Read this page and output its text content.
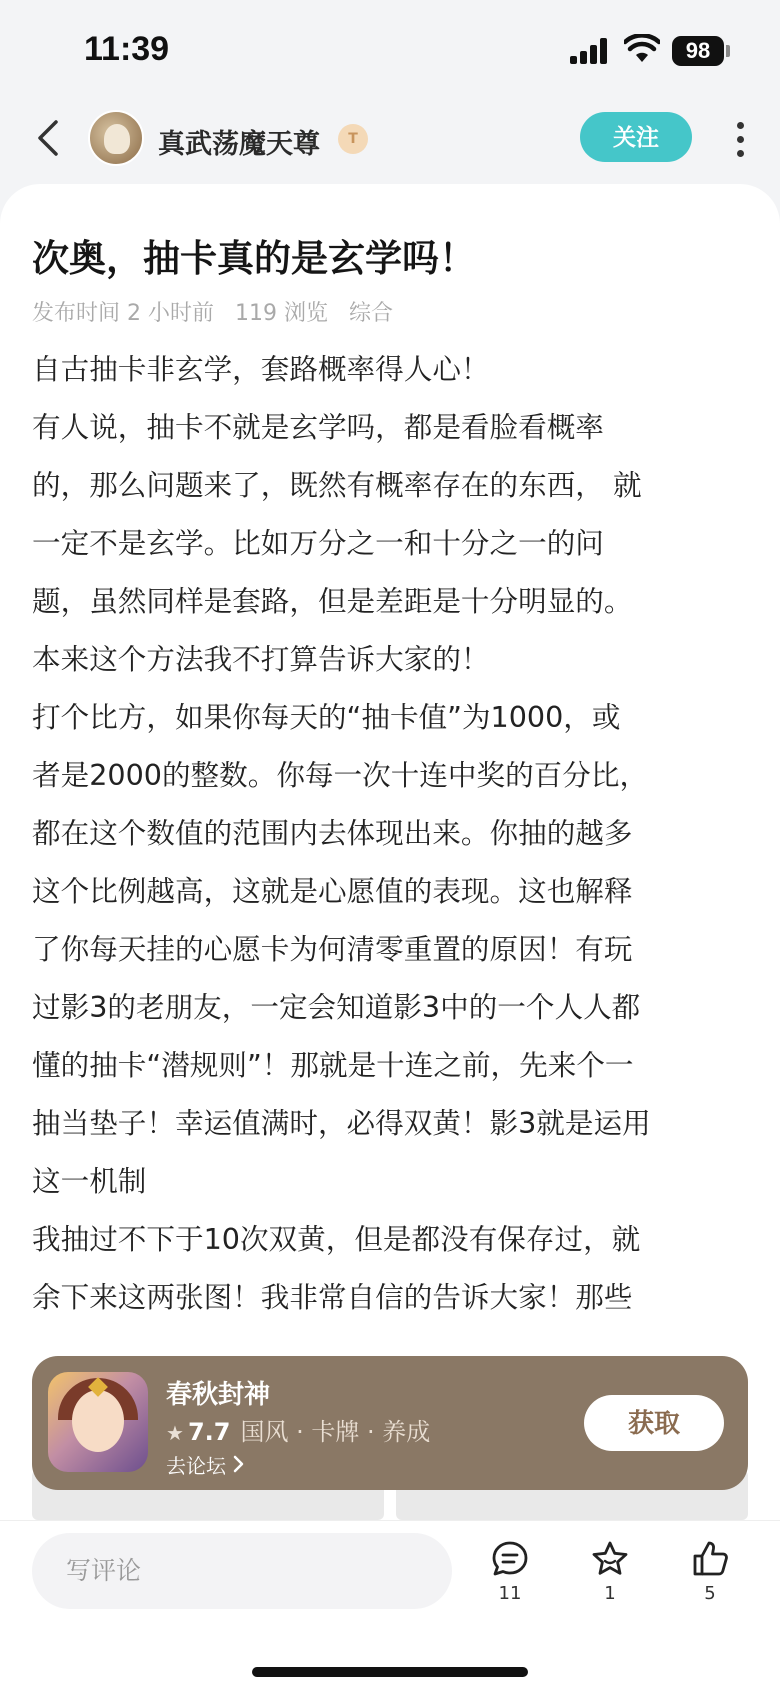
11:39	98
真武荡魔天尊	T	关注
次奥，抽卡真的是玄学吗！
发布时间 2 小时前 119 浏览 综合

自古抽卡非玄学，套路概率得人心！

有人说，抽卡不就是玄学吗，都是看脸看概率

的，那么问题来了，既然有概率存在的东西， 就

一定不是玄学。比如万分之一和十分之一的问

题，虽然同样是套路，但是差距是十分明显的。

本来这个方法我不打算告诉大家的！

打个比方，如果你每天的“抽卡值”为1000，或

者是2000的整数。你每一次十连中奖的百分比，

都在这个数值的范围内去体现出来。你抽的越多

这个比例越高，这就是心愿值的表现。这也解释

了你每天挂的心愿卡为何清零重置的原因！有玩

过影3的老朋友，一定会知道影3中的一个人人都

懂的抽卡“潜规则”！那就是十连之前，先来个一

抽当垫子！幸运值满时，必得双黄！影3就是运用

这一机制

我抽过不下于10次双黄，但是都没有保存过，就

余下来这两张图！我非常自信的告诉大家！那些

春秋封神
★ 7.7 国风 · 卡牌 · 养成
去论坛
获取
写评论
11	1	5
